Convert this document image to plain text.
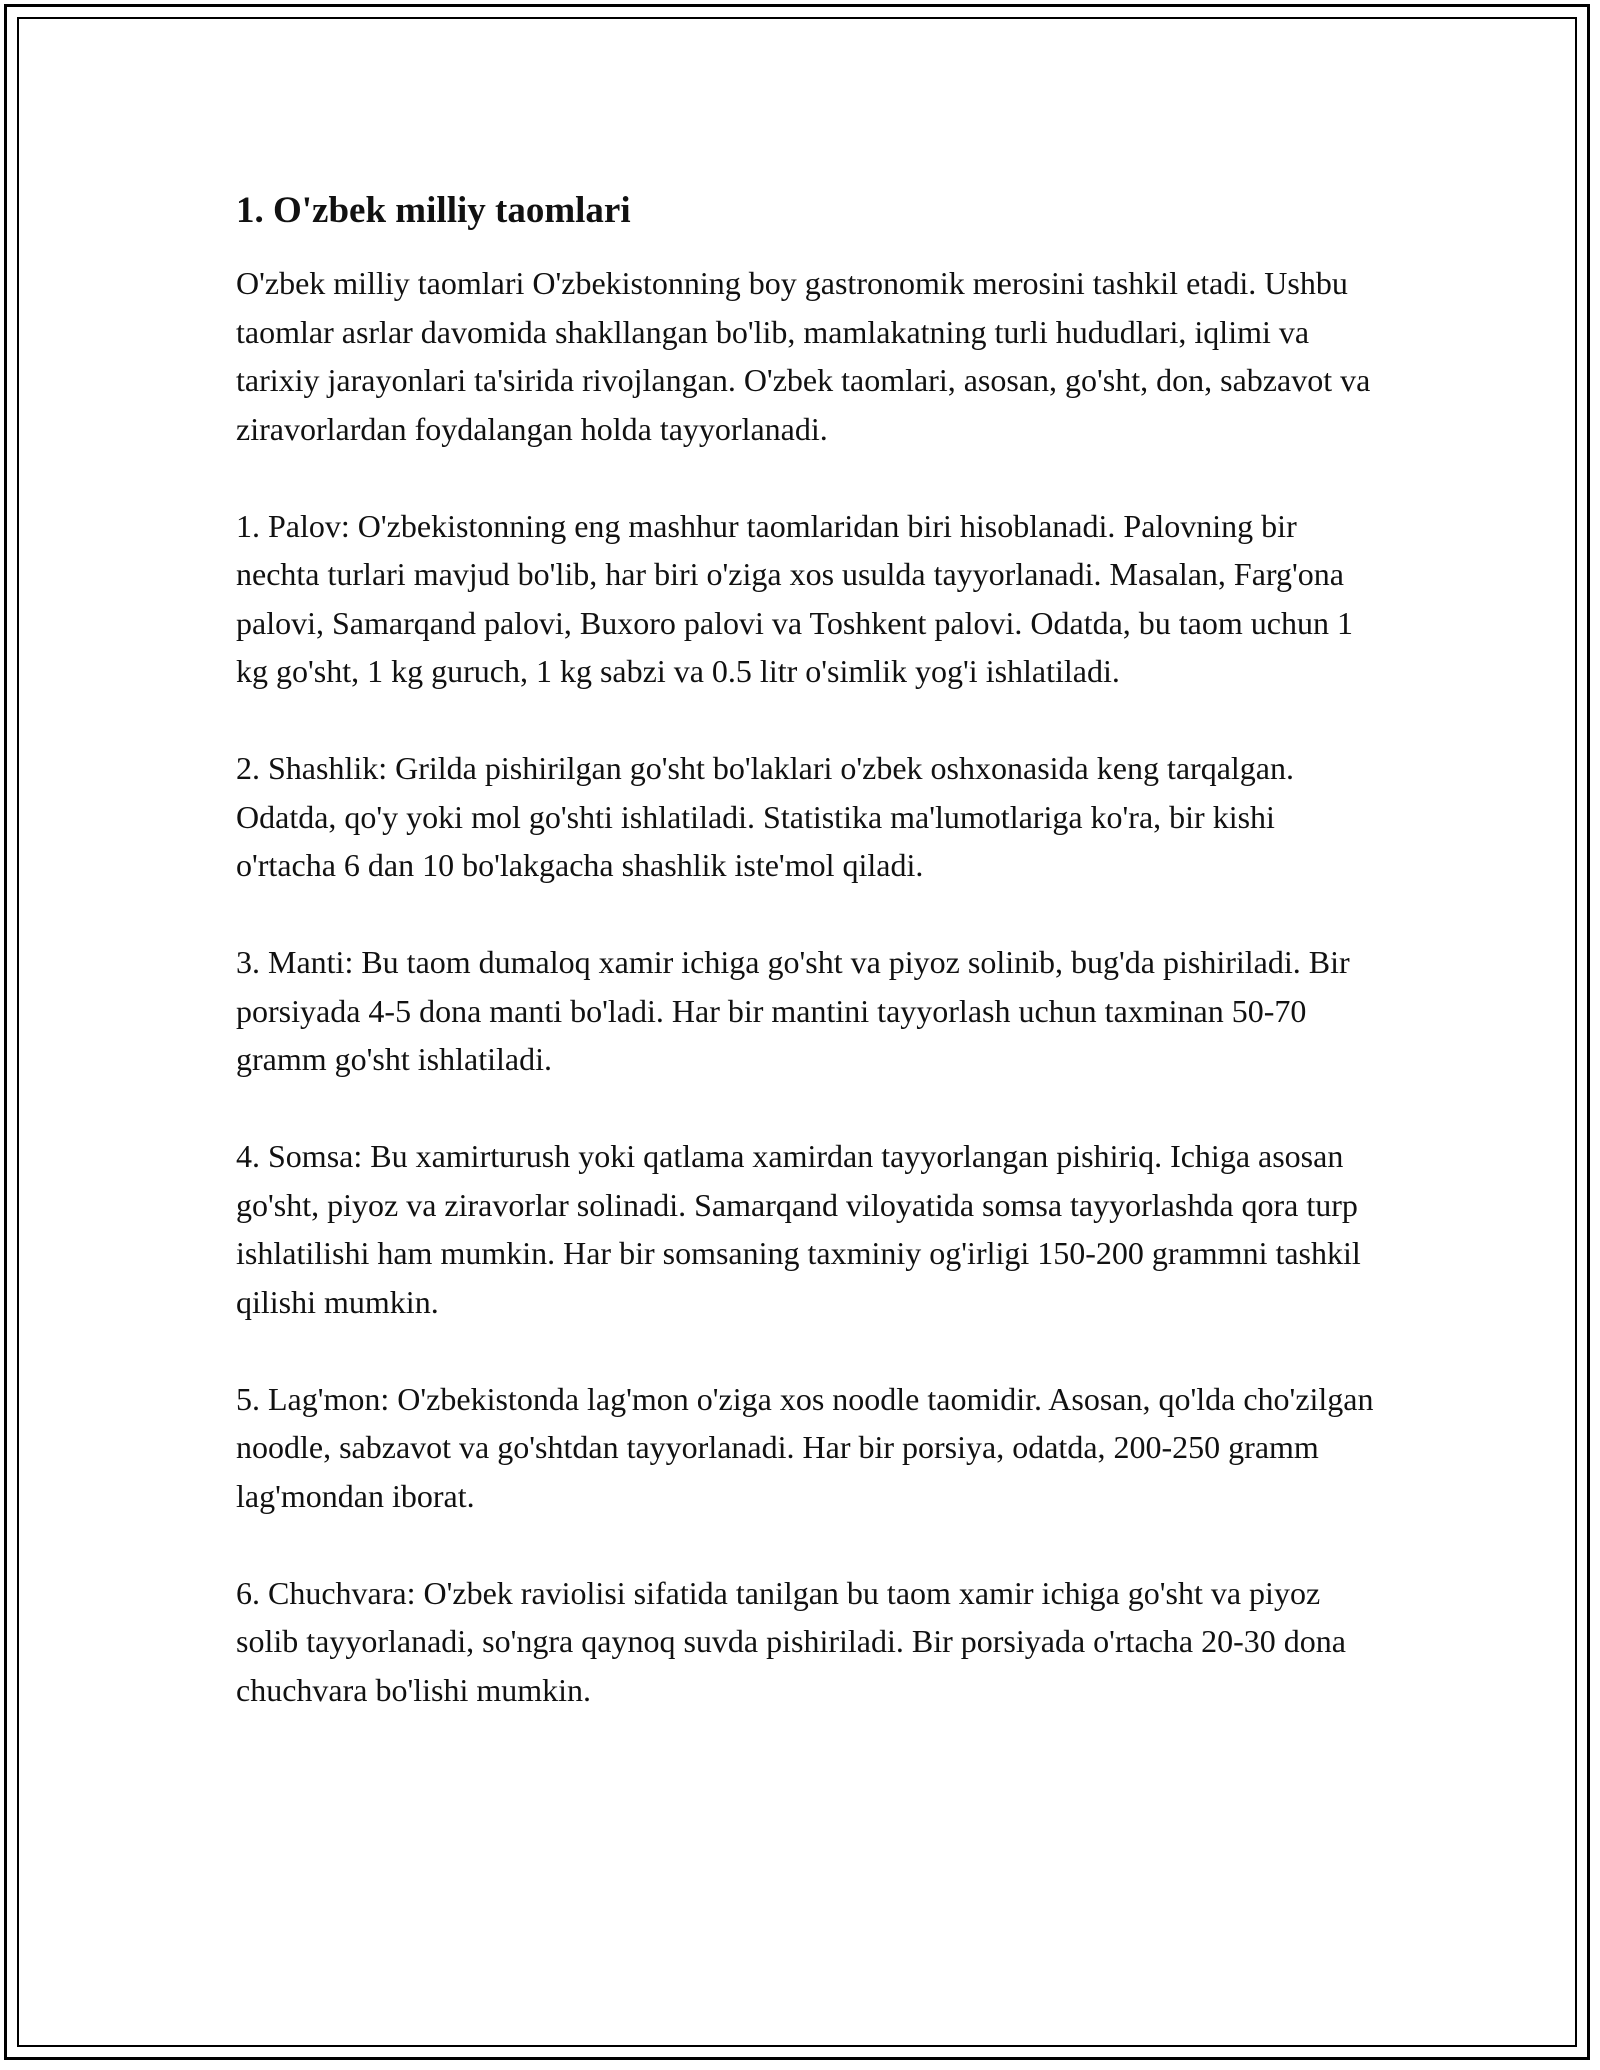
1. O'zbek milliy taomlari

O'zbek milliy taomlari O'zbekistonning boy gastronomik merosini tashkil etadi. Ushbu taomlar asrlar davomida shakllangan bo'lib, mamlakatning turli hududlari, iqlimi va tarixiy jarayonlari ta'sirida rivojlangan. O'zbek taomlari, asosan, go'sht, don, sabzavot va ziravorlardan foydalangan holda tayyorlanadi.

1. Palov: O'zbekistonning eng mashhur taomlaridan biri hisoblanadi. Palovning bir nechta turlari mavjud bo'lib, har biri o'ziga xos usulda tayyorlanadi. Masalan, Farg'ona palovi, Samarqand palovi, Buxoro palovi va Toshkent palovi. Odatda, bu taom uchun 1 kg go'sht, 1 kg guruch, 1 kg sabzi va 0.5 litr o'simlik yog'i ishlatiladi.

2. Shashlik: Grilda pishirilgan go'sht bo'laklari o'zbek oshxonasida keng tarqalgan. Odatda, qo'y yoki mol go'shti ishlatiladi. Statistika ma'lumotlariga ko'ra, bir kishi o'rtacha 6 dan 10 bo'lakgacha shashlik iste'mol qiladi.

3. Manti: Bu taom dumaloq xamir ichiga go'sht va piyoz solinib, bug'da pishiriladi. Bir porsiyada 4-5 dona manti bo'ladi. Har bir mantini tayyorlash uchun taxminan 50-70 gramm go'sht ishlatiladi.

4. Somsa: Bu xamirturush yoki qatlama xamirdan tayyorlangan pishiriq. Ichiga asosan go'sht, piyoz va ziravorlar solinadi. Samarqand viloyatida somsa tayyorlashda qora turp ishlatilishi ham mumkin. Har bir somsaning taxminiy og'irligi 150-200 grammni tashkil qilishi mumkin.

5. Lag'mon: O'zbekistonda lag'mon o'ziga xos noodle taomidir. Asosan, qo'lda cho'zilgan noodle, sabzavot va go'shtdan tayyorlanadi. Har bir porsiya, odatda, 200-250 gramm lag'mondan iborat.

6. Chuchvara: O'zbek raviolisi sifatida tanilgan bu taom xamir ichiga go'sht va piyoz solib tayyorlanadi, so'ngra qaynoq suvda pishiriladi. Bir porsiyada o'rtacha 20-30 dona chuchvara bo'lishi mumkin.
